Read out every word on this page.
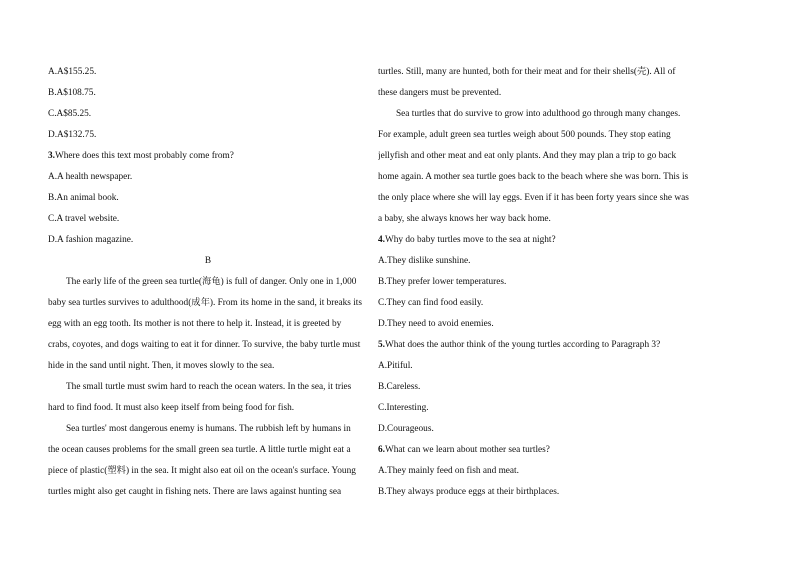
A.A$155.25.
B.A$108.75.
C.A$85.25.
D.A$132.75.
3.Where does this text most probably come from?
A.A health newspaper.
B.An animal book.
C.A travel website.
D.A fashion magazine.
B
The early life of the green sea turtle(海龟) is full of danger. Only one in 1,000
baby sea turtles survives to adulthood(成年). From its home in the sand, it breaks its
egg with an egg tooth. Its mother is not there to help it. Instead, it is greeted by
crabs, coyotes, and dogs waiting to eat it for dinner. To survive, the baby turtle must
hide in the sand until night. Then, it moves slowly to the sea.
The small turtle must swim hard to reach the ocean waters. In the sea, it tries
hard to find food. It must also keep itself from being food for fish.
Sea turtles' most dangerous enemy is humans. The rubbish left by humans in
the ocean causes problems for the small green sea turtle. A little turtle might eat a
piece of plastic(塑料) in the sea. It might also eat oil on the ocean's surface. Young
turtles might also get caught in fishing nets. There are laws against hunting sea
turtles. Still, many are hunted, both for their meat and for their shells(壳). All of
these dangers must be prevented.
Sea turtles that do survive to grow into adulthood go through many changes.
For example, adult green sea turtles weigh about 500 pounds. They stop eating
jellyfish and other meat and eat only plants. And they may plan a trip to go back
home again. A mother sea turtle goes back to the beach where she was born. This is
the only place where she will lay eggs. Even if it has been forty years since she was
a baby, she always knows her way back home.
4.Why do baby turtles move to the sea at night?
A.They dislike sunshine.
B.They prefer lower temperatures.
C.They can find food easily.
D.They need to avoid enemies.
5.What does the author think of the young turtles according to Paragraph 3?
A.Pitiful.
B.Careless.
C.Interesting.
D.Courageous.
6.What can we learn about mother sea turtles?
A.They mainly feed on fish and meat.
B.They always produce eggs at their birthplaces.
